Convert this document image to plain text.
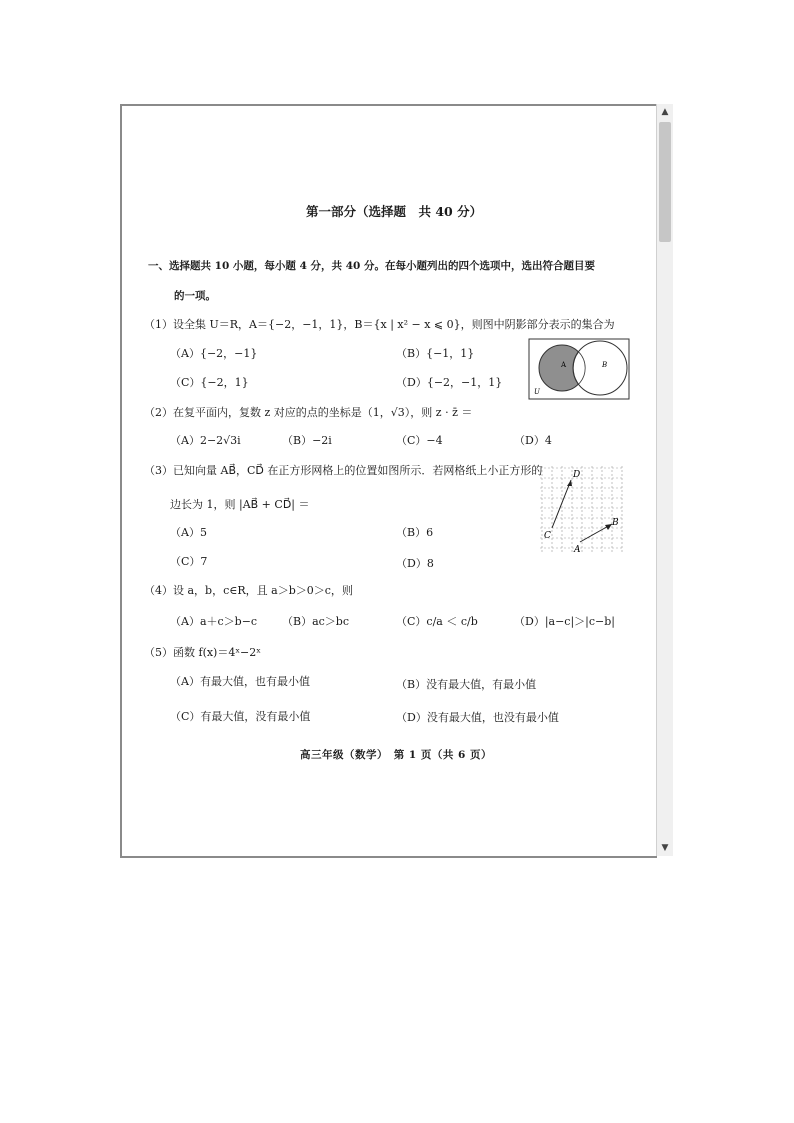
第一部分（选择题　共 40 分）
一、选择题共 10 小题，每小题 4 分，共 40 分。在每小题列出的四个选项中，选出符合题目要
的一项。
（1）设全集 U＝R，A＝{−2，−1，1}，B＝{x | x² − x ⩽ 0}，则图中阴影部分表示的集合为
（A）{−2，−1}	（B）{−1，1}
（C）{−2，1}	（D）{−2，−1，1}
A	B
U
（2）在复平面内，复数 z 对应的点的坐标是（1，√3），则 z · z̄ ＝
（A）2−2√3i	（B）−2i	（C）−4	（D）4
（3）已知向量 AB⃗，CD⃗ 在正方形网格上的位置如图所示．若网格纸上小正方形的
边长为 1，则 |AB⃗ + CD⃗| ＝
（A）5	（B）6
（C）7	（D）8
D
B
C
A
（4）设 a，b，c∈R，且 a＞b＞0＞c，则
（A）a＋c＞b−c （B）ac＞bc	（C）c/a ＜ c/b	（D）|a−c|＞|c−b|
（5）函数 f(x)＝4ˣ−2ˣ
（A）有最大值，也有最小值	（B）没有最大值，有最小值
（C）有最大值，没有最小值	（D）没有最大值，也没有最小值
高三年级（数学）　第 1 页（共 6 页）
▲
▼
